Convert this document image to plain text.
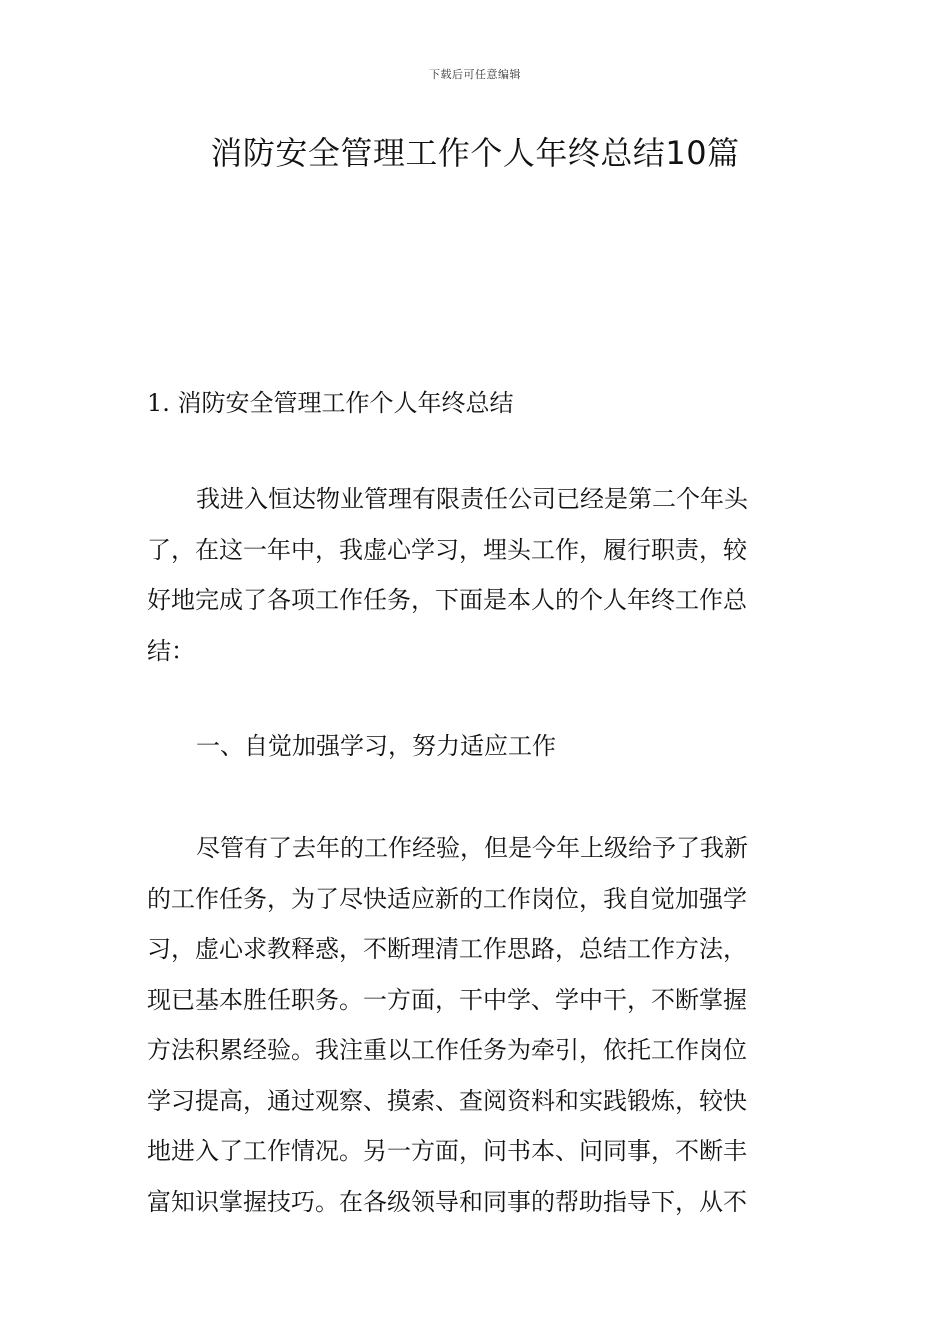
下载后可任意编辑
消防安全管理工作个人年终总结10篇
1. 消防安全管理工作个人年终总结
我进入恒达物业管理有限责任公司已经是第二个年头
了，在这一年中，我虚心学习，埋头工作，履行职责，较
好地完成了各项工作任务，下面是本人的个人年终工作总
结：
一、自觉加强学习，努力适应工作
尽管有了去年的工作经验，但是今年上级给予了我新
的工作任务，为了尽快适应新的工作岗位，我自觉加强学
习，虚心求教释惑，不断理清工作思路，总结工作方法，
现已基本胜任职务。一方面，干中学、学中干，不断掌握
方法积累经验。我注重以工作任务为牵引，依托工作岗位
学习提高，通过观察、摸索、查阅资料和实践锻炼，较快
地进入了工作情况。另一方面，问书本、问同事，不断丰
富知识掌握技巧。在各级领导和同事的帮助指导下，从不
